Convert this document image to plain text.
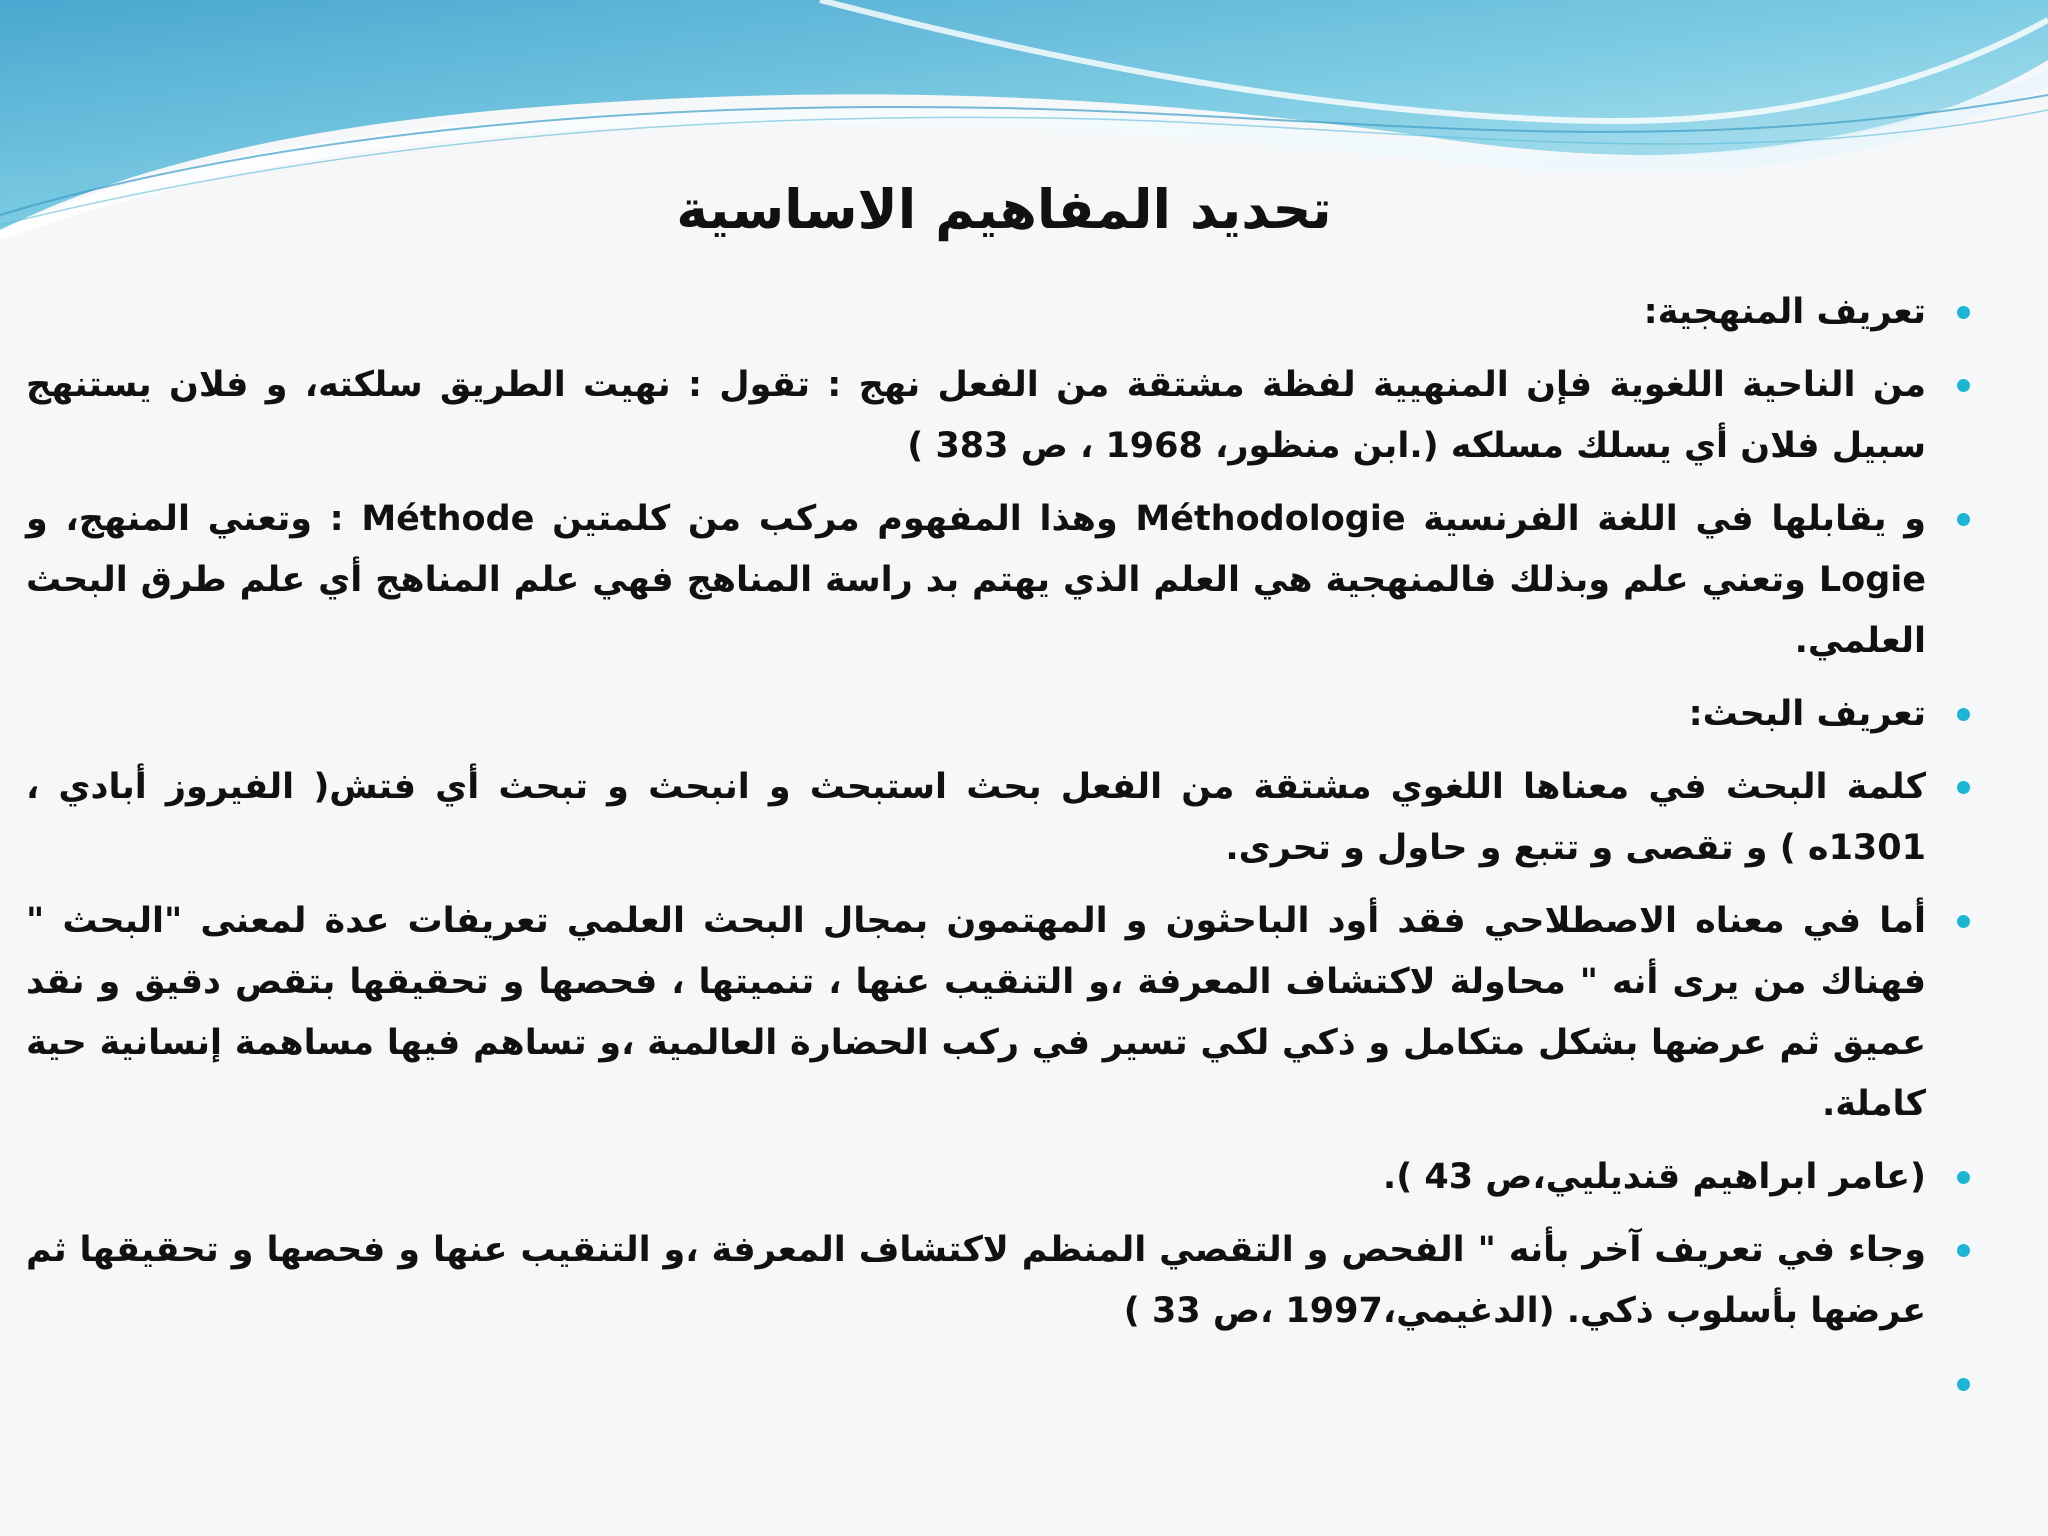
تحديد المفاهيم الاساسية
تعريف المنهجية:
من الناحية اللغوية فإن المنهيية لفظة مشتقة من الفعل نهج : تقول : نهيت الطريق سلكته، و فلان يستنهج سبيل فلان أي يسلك مسلكه (.ابن منظور، 1968 ، ص 383 )
و يقابلها في اللغة الفرنسية Méthodologie وهذا المفهوم مركب من كلمتين Méthode : وتعني المنهج، و Logie وتعني علم وبذلك فالمنهجية هي العلم الذي يهتم بد راسة المناهج فهي علم المناهج أي علم طرق البحث العلمي.
تعريف البحث:
كلمة البحث في معناها اللغوي مشتقة من الفعل بحث استبحث و انبحث و تبحث أي فتش( الفيروز أبادي ، 1301ه ) و تقصى و تتبع و حاول و تحرى.
أما في معناه الاصطلاحي فقد أود الباحثون و المهتمون بمجال البحث العلمي تعريفات عدة لمعنى "البحث " فهناك من يرى أنه " محاولة لاكتشاف المعرفة ،و التنقيب عنها ، تنميتها ، فحصها و تحقيقها بتقص دقيق و نقد عميق ثم عرضها بشكل متكامل و ذكي لكي تسير في ركب الحضارة العالمية ،و تساهم فيها مساهمة إنسانية حية كاملة.
(عامر ابراهيم قنديليي،ص 43 ).
وجاء في تعريف آخر بأنه " الفحص و التقصي المنظم لاكتشاف المعرفة ،و التنقيب عنها و فحصها و تحقيقها ثم عرضها بأسلوب ذكي. (الدغيمي،1997 ،ص 33 )
